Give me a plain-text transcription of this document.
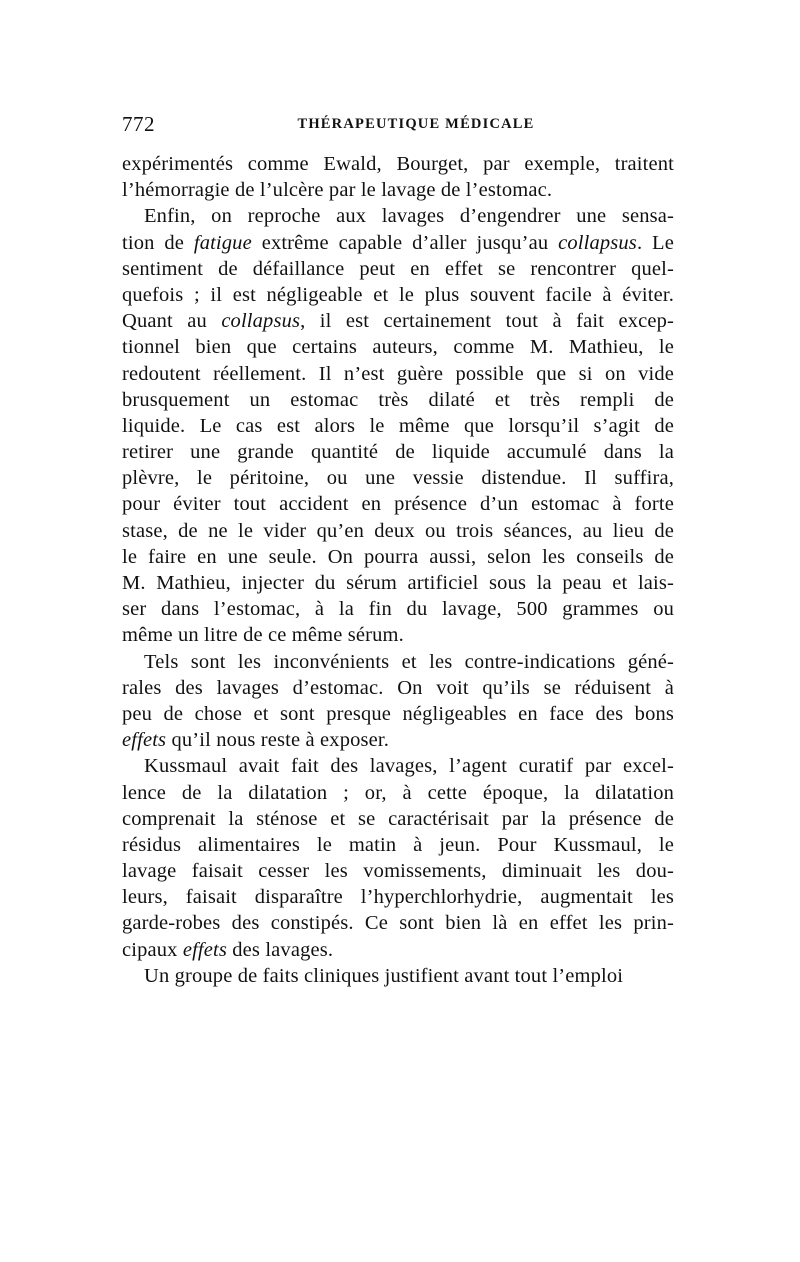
772	THÉRAPEUTIQUE MÉDICALE
expérimentés comme Ewald, Bourget, par exemple, traitent
l’hémorragie de l’ulcère par le lavage de l’estomac.
Enfin, on reproche aux lavages d’engendrer une sensa-
tion de fatigue extrême capable d’aller jusqu’au collapsus. Le
sentiment de défaillance peut en effet se rencontrer quel-
quefois ; il est négligeable et le plus souvent facile à éviter.
Quant au collapsus, il est certainement tout à fait excep-
tionnel bien que certains auteurs, comme M. Mathieu, le
redoutent réellement. Il n’est guère possible que si on vide
brusquement un estomac très dilaté et très rempli de
liquide. Le cas est alors le même que lorsqu’il s’agit de
retirer une grande quantité de liquide accumulé dans la
plèvre, le péritoine, ou une vessie distendue. Il suffira,
pour éviter tout accident en présence d’un estomac à forte
stase, de ne le vider qu’en deux ou trois séances, au lieu de
le faire en une seule. On pourra aussi, selon les conseils de
M. Mathieu, injecter du sérum artificiel sous la peau et lais-
ser dans l’estomac, à la fin du lavage, 500 grammes ou
même un litre de ce même sérum.
Tels sont les inconvénients et les contre-indications géné-
rales des lavages d’estomac. On voit qu’ils se réduisent à
peu de chose et sont presque négligeables en face des bons
effets qu’il nous reste à exposer.
Kussmaul avait fait des lavages, l’agent curatif par excel-
lence de la dilatation ; or, à cette époque, la dilatation
comprenait la sténose et se caractérisait par la présence de
résidus alimentaires le matin à jeun. Pour Kussmaul, le
lavage faisait cesser les vomissements, diminuait les dou-
leurs, faisait disparaître l’hyperchlorhydrie, augmentait les
garde-robes des constipés. Ce sont bien là en effet les prin-
cipaux effets des lavages.
Un groupe de faits cliniques justifient avant tout l’emploi
